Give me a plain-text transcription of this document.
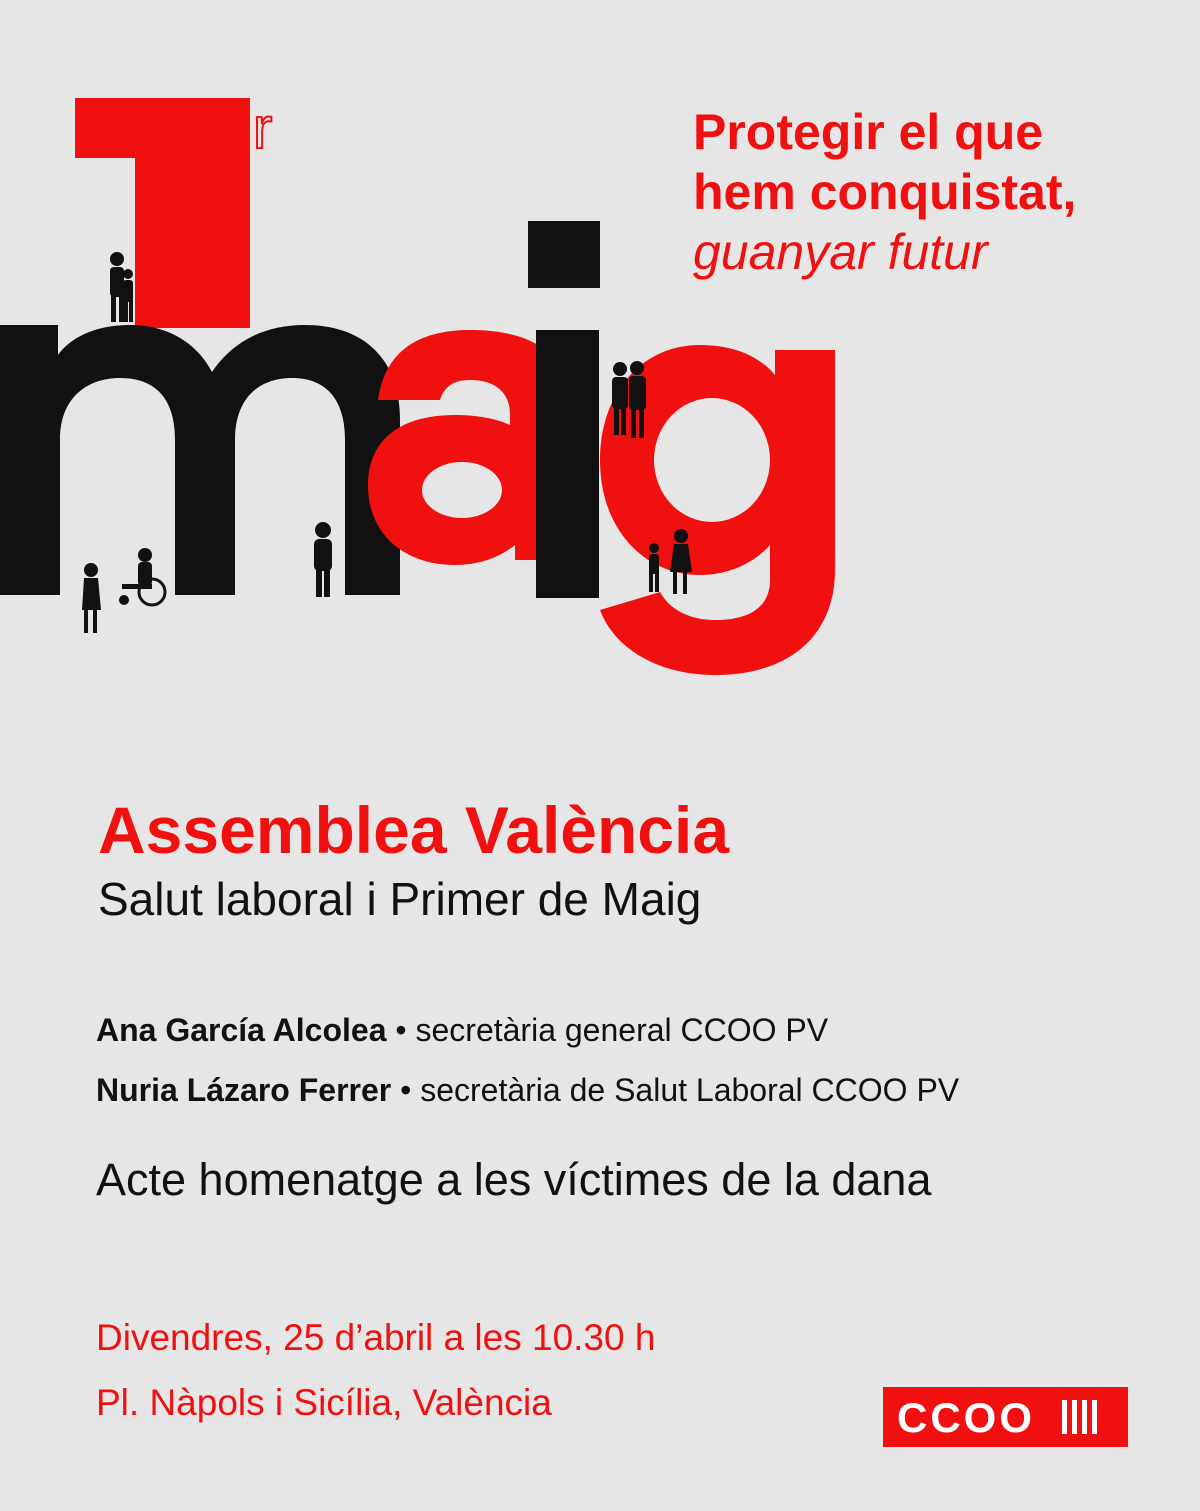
r	Protegir el que
hem conquistat,
guanyar futur
Assemblea València
Salut laboral i Primer de Maig
Ana García Alcolea • secretària general CCOO PV
Nuria Lázaro Ferrer • secretària de Salut Laboral CCOO PV
Acte homenatge a les víctimes de la dana
Divendres, 25 d’abril a les 10.30 h
Pl. Nàpols i Sicília, València	CCOO
